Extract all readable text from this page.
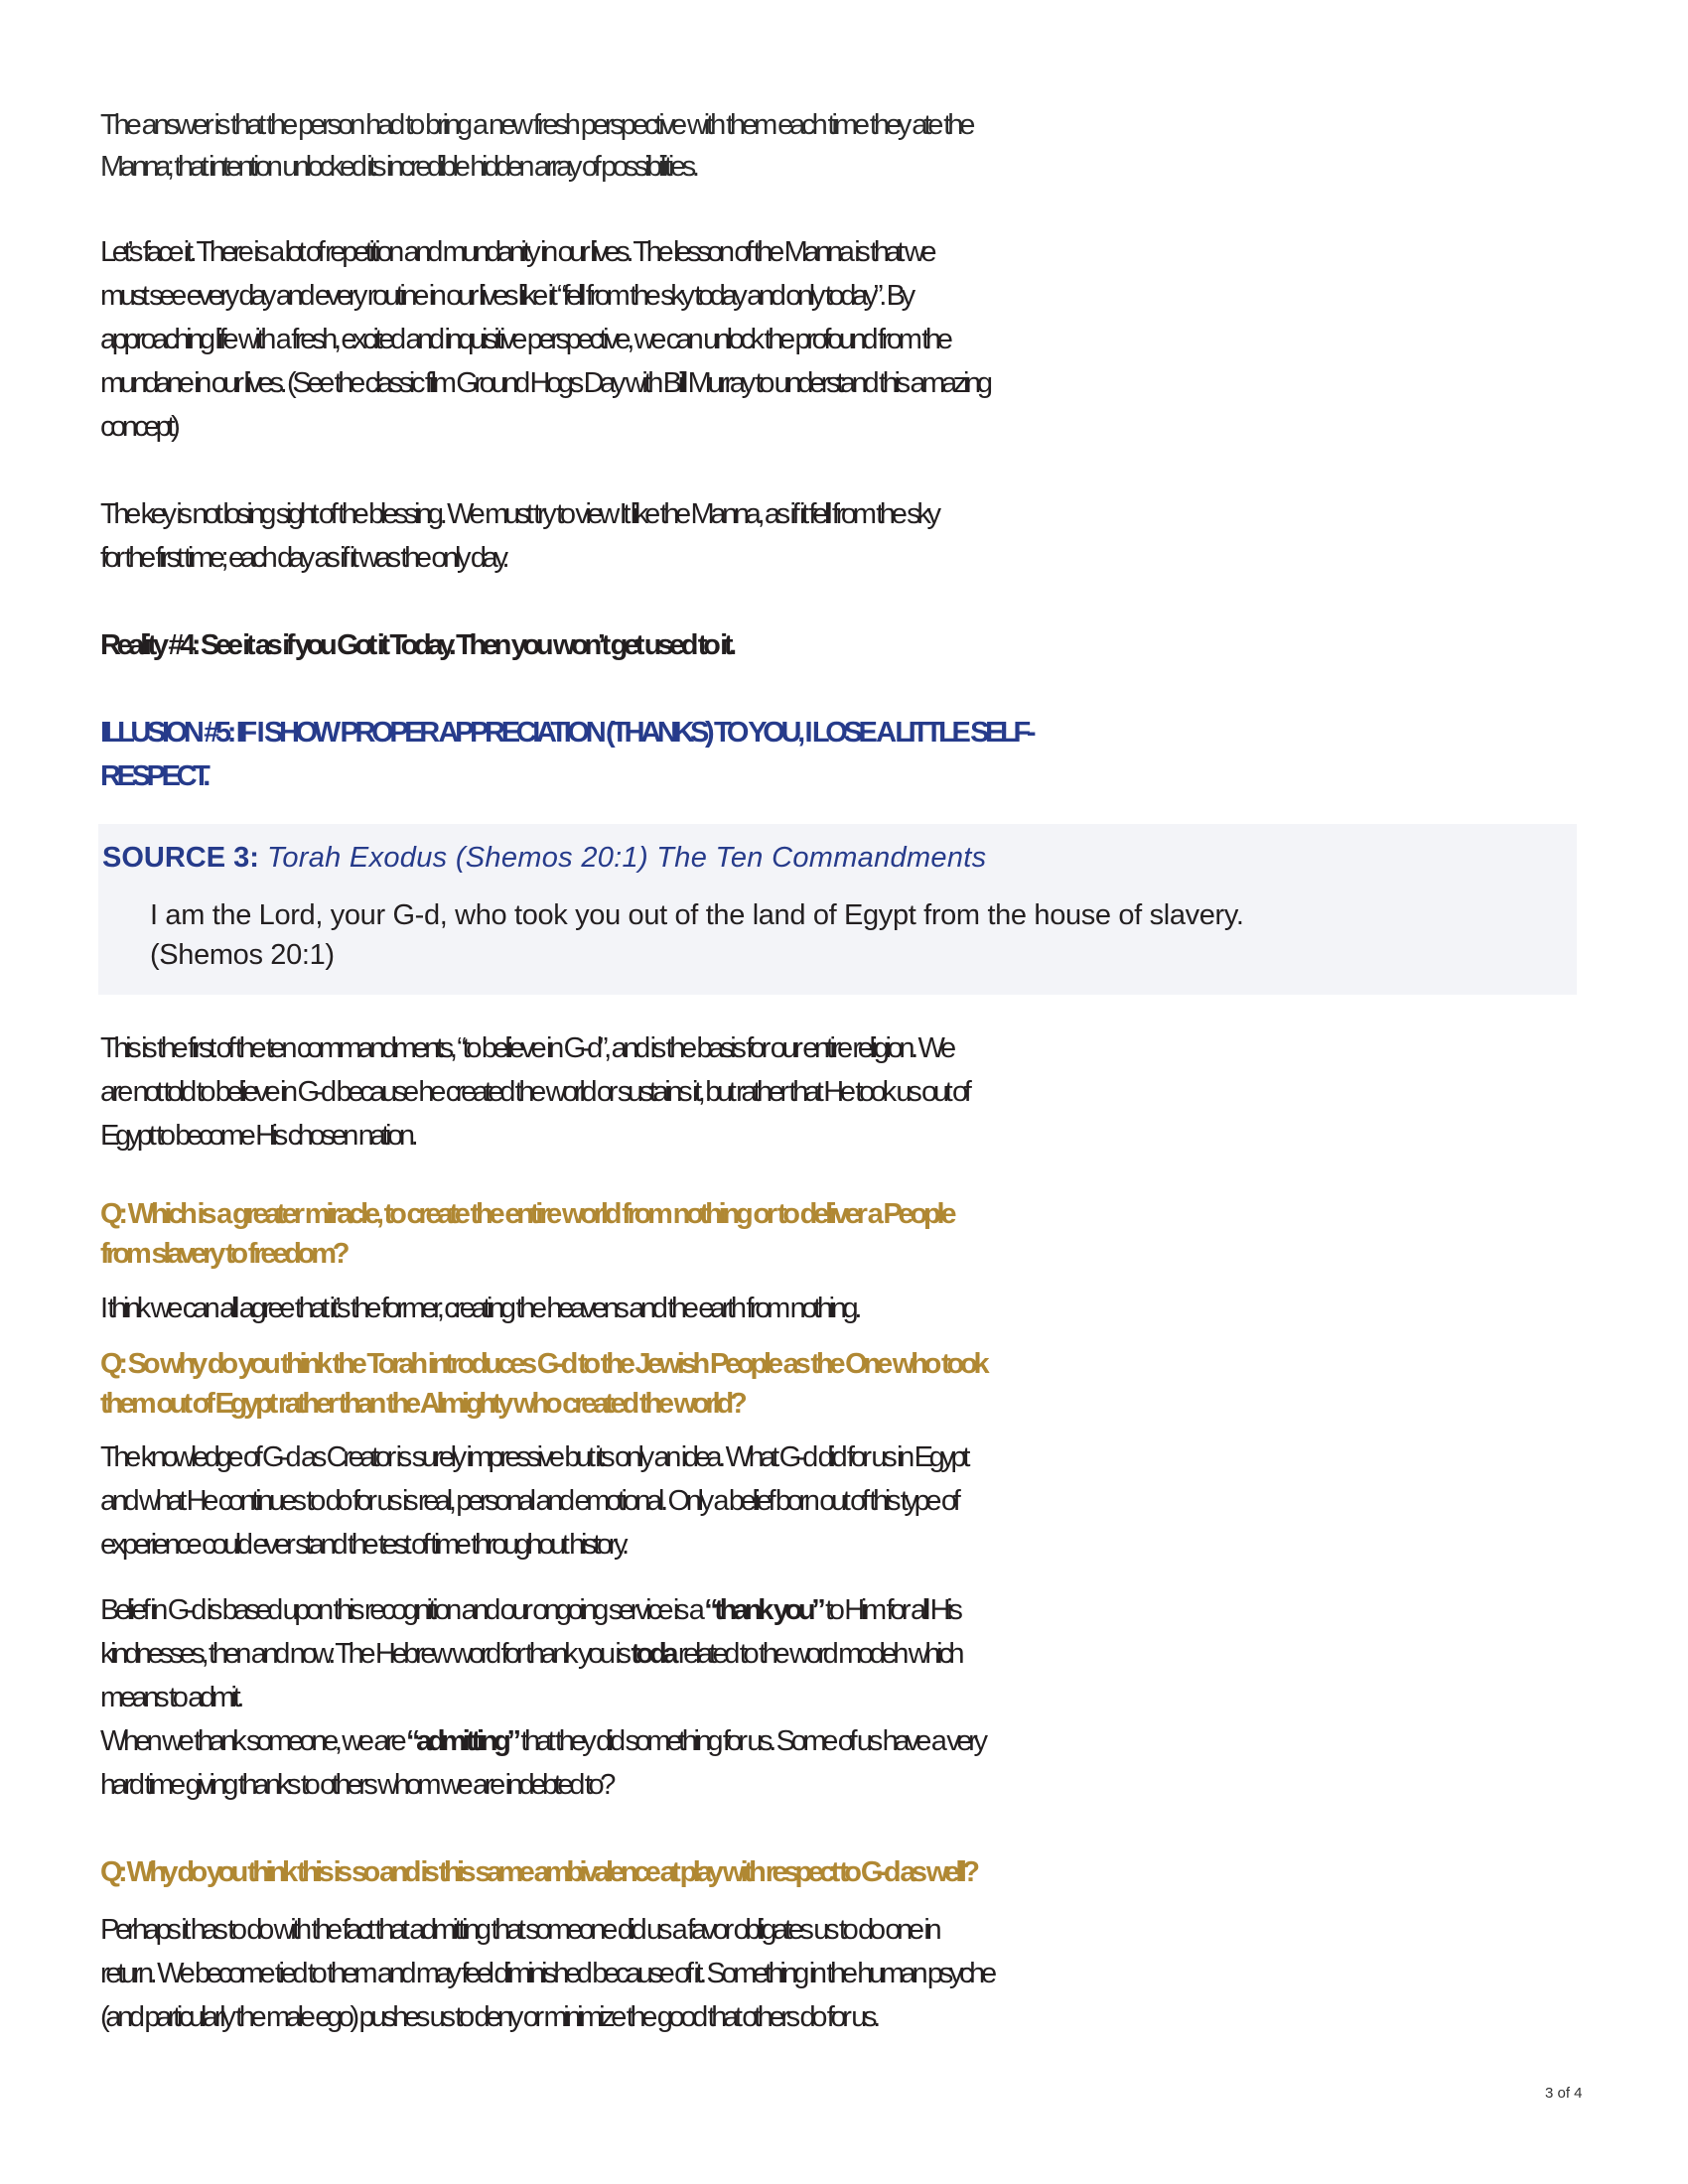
The answer is that the person had to bring a new fresh perspective with them each time they ate the
Manna; that intention unlocked its incredible hidden array of possibilities.
Let’s face it. There is a lot of repetition and mundanity in our lives. The lesson of the Manna is that we
must see every day and every routine in our lives like it “fell from the sky today and only today”. By
approaching life with a fresh, excited and inquisitive perspective, we can unlock the profound from the
mundane in our lives. (See the classic film Ground Hogs Day with Bill Murray to understand this amazing
concept)
The key is not losing sight of the blessing. We must try to view It like the Manna, as if it fell from the sky
for the first time; each day as if it was the only day.
Reality #4: See it as if you Got it Today. Then you won’t get used to it.
ILLUSION #5: IF I SHOW PROPER APPRECIATION (THANKS) TO YOU, I LOSE A LITTLE SELF-
RESPECT.
SOURCE 3: Torah Exodus (Shemos 20:1) The Ten Commandments
I am the Lord, your G-d, who took you out of the land of Egypt from the house of slavery.
(Shemos 20:1)
This is the first of the ten commandments, “to believe in G-d”, and is the basis for our entire religion. We
are not told to believe in G-d because he created the world or sustains it, but rather that He took us out of
Egypt to become His chosen nation.
Q: Which is a greater miracle, to create the entire world from nothing or to deliver a People
from slavery to freedom?
I think we can all agree that it’s the former, creating the heavens and the earth from nothing.
Q: So why do you think the Torah introduces G-d to the Jewish People as the One who took
them out of Egypt rather than the Almighty who created the world?
The knowledge of G-d as Creator is surely impressive but its only an idea. What G-d did for us in Egypt
and what He continues to do for us is real, personal and emotional. Only a belief born out of this type of
experience could ever stand the test of time throughout history.
Belief in G-d is based upon this recognition and our ongoing service is a “thank you” to Him for all His
kindnesses, then and now. The Hebrew word for thank you is toda related to the word modeh which
means to admit.
When we thank someone, we are “admitting” that they did something for us. Some of us have a very
hard time giving thanks to others whom we are indebted to?
Q: Why do you think this is so and is this same ambivalence at play with respect to G-d as well?
Perhaps it has to do with the fact that admitting that someone did us a favor obligates us to do one in
return. We become tied to them and may feel diminished because of it. Something in the human psyche
(and particularly the male ego) pushes us to deny or minimize the good that others do for us.
3 of 4
